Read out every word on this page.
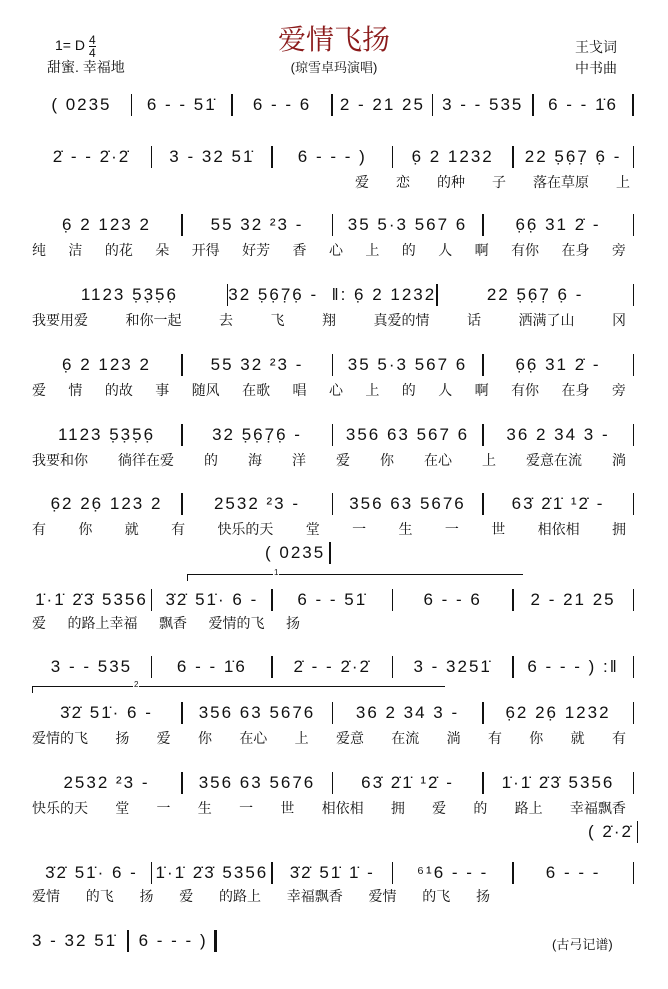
爱情飞扬
(琼雪卓玛演唱)
1= D $\frac{4}{4}$
甜蜜. 幸福地
王戈词
中书曲
( 0235
1
2
( 2̇·2̇
3 - 32 51̇ 6 - - - )	(古弓记谱)
( 0235	6 - - 51̇	6 - - 6	2 - 21 25	3 - - 535	6 - - 1̇6
2̇ - - 2̇·2̇	3 - 32 51̇	6 - - - )	6̣ 2 1232	22 5̣6̣7̣ 6̣ -
爱 恋 的种 子 落在草原 上
6̣ 2 123 2	55 32 ²3 -	35 5·3 567 6	6̣6̣ 31 2̇ -
纯 洁 的花 朵 开得 好芳 香 心 上 的 人 啊 有你 在身 旁
1123 5̣3̣5̣6̣	32 5̣6̣7̣6̣ -  ‖: 6̣ 2 1232	22 5̣6̣7̣ 6̣ -
我要用爱	和你一起	去	飞	翔	真爱的情	话	洒满了山	冈
6̣ 2 123 2	55 32 ²3 -	35 5·3 567 6	6̣6̣ 31 2̇ -
爱 情 的故 事 随风 在歌 唱 心 上 的 人 啊 有你 在身 旁
1123 5̣3̣5̣6̣	32 5̣6̣7̣6̣ -	356 63 567 6	36 2 34 3 -
我要和你 徜徉在爱 的 海 洋 爱 你 在心 上 爱意在流 淌
6̣2 26̣ 123 2	2532 ²3 -	356 63 5676	63̇ 2̇1̇ ¹2̇ -
有 你 就 有 快乐的天 堂 一 生 一 世 相依相 拥
1̇·1̇ 2̇3̇ 5356	3̇2̇ 51̇· 6 -	6 - - 51̇	6 - - 6	2 - 21 25
爱 的路上幸福 飘香 爱情的飞 扬
3 - - 535	6 - - 1̇6	2̇ - - 2̇·2̇	3 - 3251̇	6 - - - ) :‖
3̇2̇ 51̇· 6 -	356 63 5676	36 2 34 3 -	6̣2 26̣ 1232
爱情的飞 扬 爱 你 在心 上 爱意 在流 淌 有 你 就 有
2532 ²3 -	356 63 5676	63̇ 2̇1̇ ¹2̇ -	1̇·1̇ 2̇3̇ 5356
快乐的天 堂 一 生 一 世 相依相 拥 爱 的 路上 幸福飘香
3̇2̇ 51̇· 6 -	1̇·1̇ 2̇3̇ 5356	3̇2̇ 51̇ 1̇ -	⁶¹6 - - -	6 - - -
爱情 的飞 扬 爱 的路上 幸福飘香 爱情 的飞 扬
